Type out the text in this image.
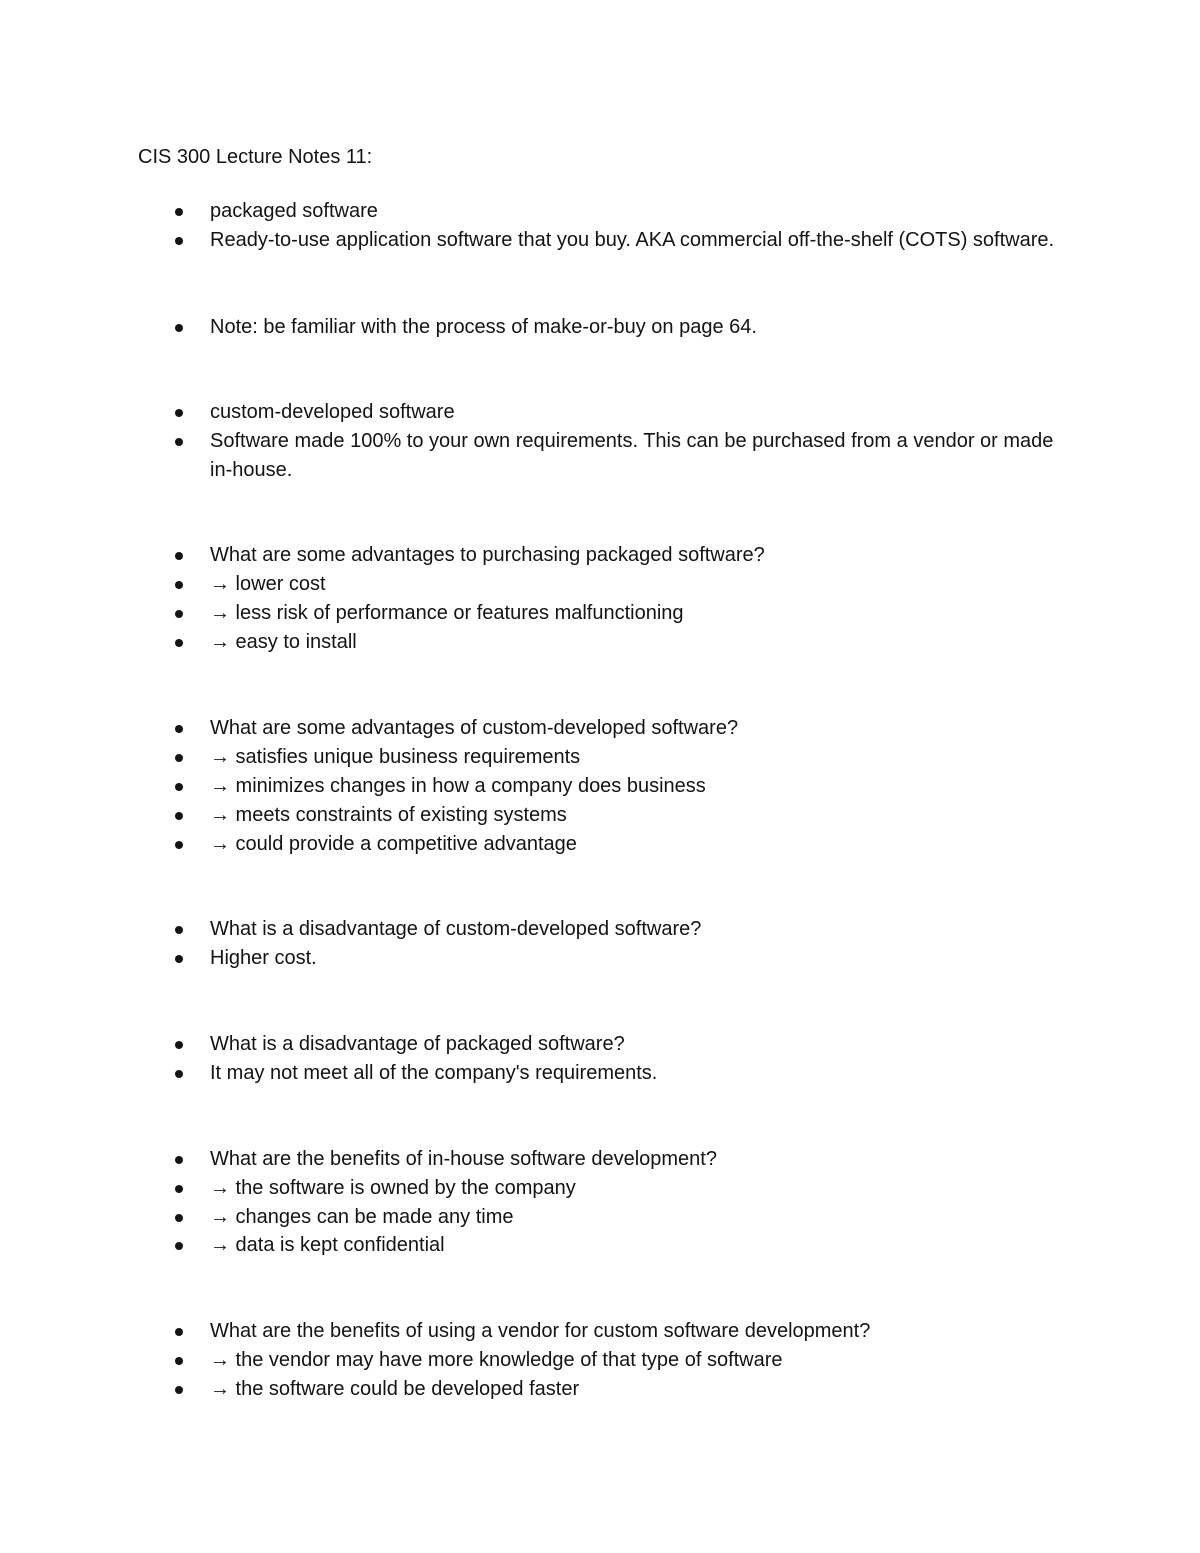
CIS 300 Lecture Notes 11:
packaged software
Ready-to-use application software that you buy. AKA commercial off-the-shelf (COTS) software.
Note: be familiar with the process of make-or-buy on page 64.
custom-developed software
Software made 100% to your own requirements. This can be purchased from a vendor or made in-house.
What are some advantages to purchasing packaged software?
→ lower cost
→ less risk of performance or features malfunctioning
→ easy to install
What are some advantages of custom-developed software?
→ satisfies unique business requirements
→ minimizes changes in how a company does business
→ meets constraints of existing systems
→ could provide a competitive advantage
What is a disadvantage of custom-developed software?
Higher cost.
What is a disadvantage of packaged software?
It may not meet all of the company's requirements.
What are the benefits of in-house software development?
→ the software is owned by the company
→ changes can be made any time
→ data is kept confidential
What are the benefits of using a vendor for custom software development?
→ the vendor may have more knowledge of that type of software
→ the software could be developed faster
